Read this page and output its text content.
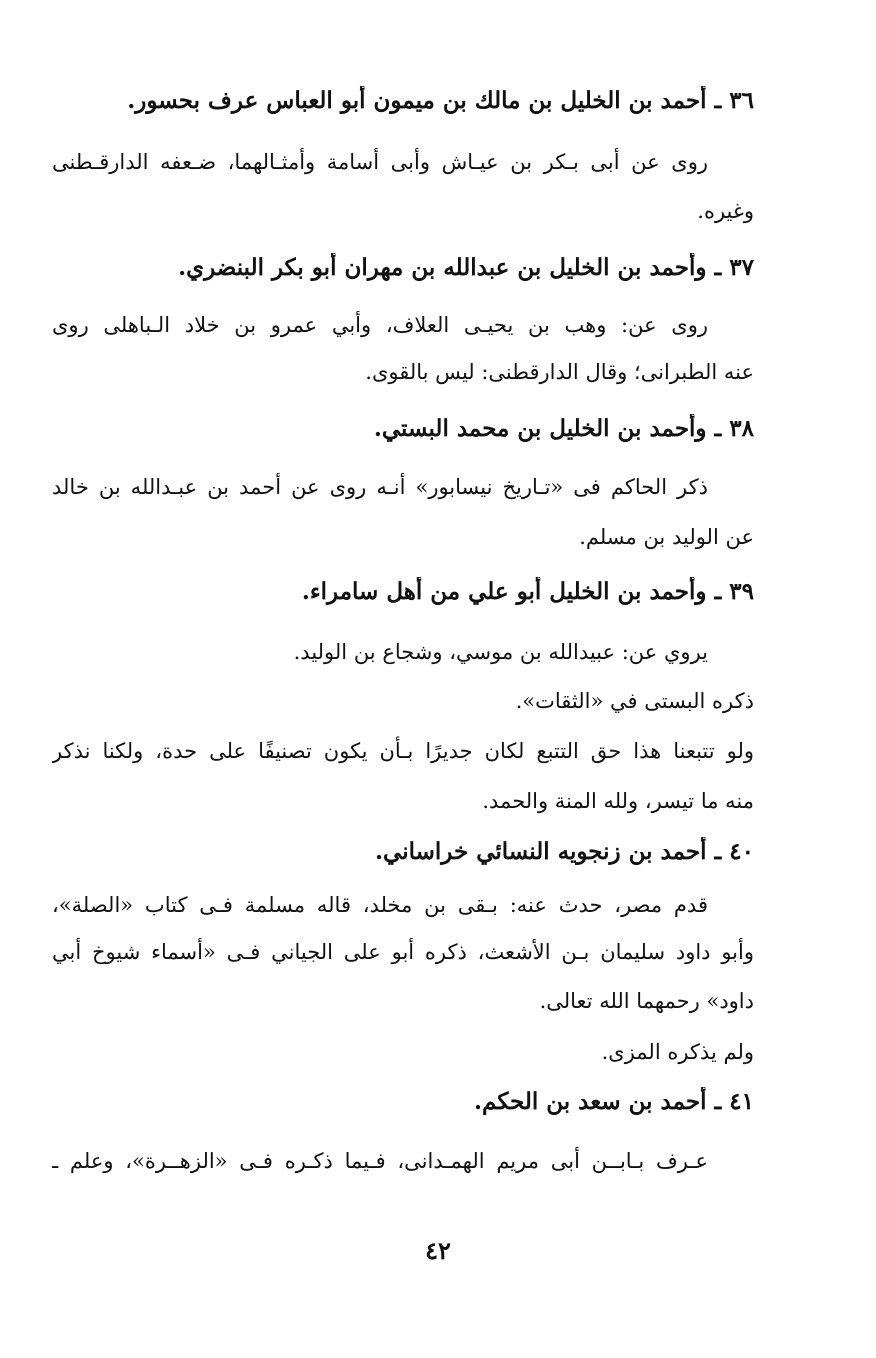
٣٦ ـ أحمد بن الخليل بن مالك بن ميمون أبو العباس عرف بحسور.
روى عن أبى بـكر بن عيـاش وأبى أسامة وأمثـالهما، ضـعفه الدارقـطنى
وغيره.
٣٧ ـ وأحمد بن الخليل بن عبدالله بن مهران أبو بكر البنضري.
روى عن: وهب بن يحيـى العلاف، وأبي عمرو بن خلاد الـباهلى روى
عنه الطبرانى؛ وقال الدارقطنى: ليس بالقوى.
٣٨ ـ وأحمد بن الخليل بن محمد البستي.
ذكر الحاكم فى «تـاريخ نيسابور» أنـه روى عن أحمد بن عبـدالله بن خالد
عن الوليد بن مسلم.
٣٩ ـ وأحمد بن الخليل أبو علي من أهل سامراء.
يروي عن: عبيدالله بن موسي، وشجاع بن الوليد.
ذكره البستى في «الثقات».
ولو تتبعنا هذا حق التتبع لكان جديرًا بـأن يكون تصنيفًا على حدة، ولكنا نذكر
منه ما تيسر، ولله المنة والحمد.
٤٠ ـ أحمد بن زنجويه النسائي خراساني.
قدم مصر، حدث عنه: بـقى بن مخلد، قاله مسلمة فـى كتاب «الصلة»،
وأبو داود سليمان بـن الأشعث، ذكره أبو على الجياني فـى «أسماء شيوخ أبي
داود» رحمهما الله تعالى.
ولم يذكره المزى.
٤١ ـ أحمد بن سعد بن الحكم.
عـرف بـابــن أبى مريم الهمـدانى، فـيما ذكـره فـى «الزهــرة»، وعلم ـ
٤٢
